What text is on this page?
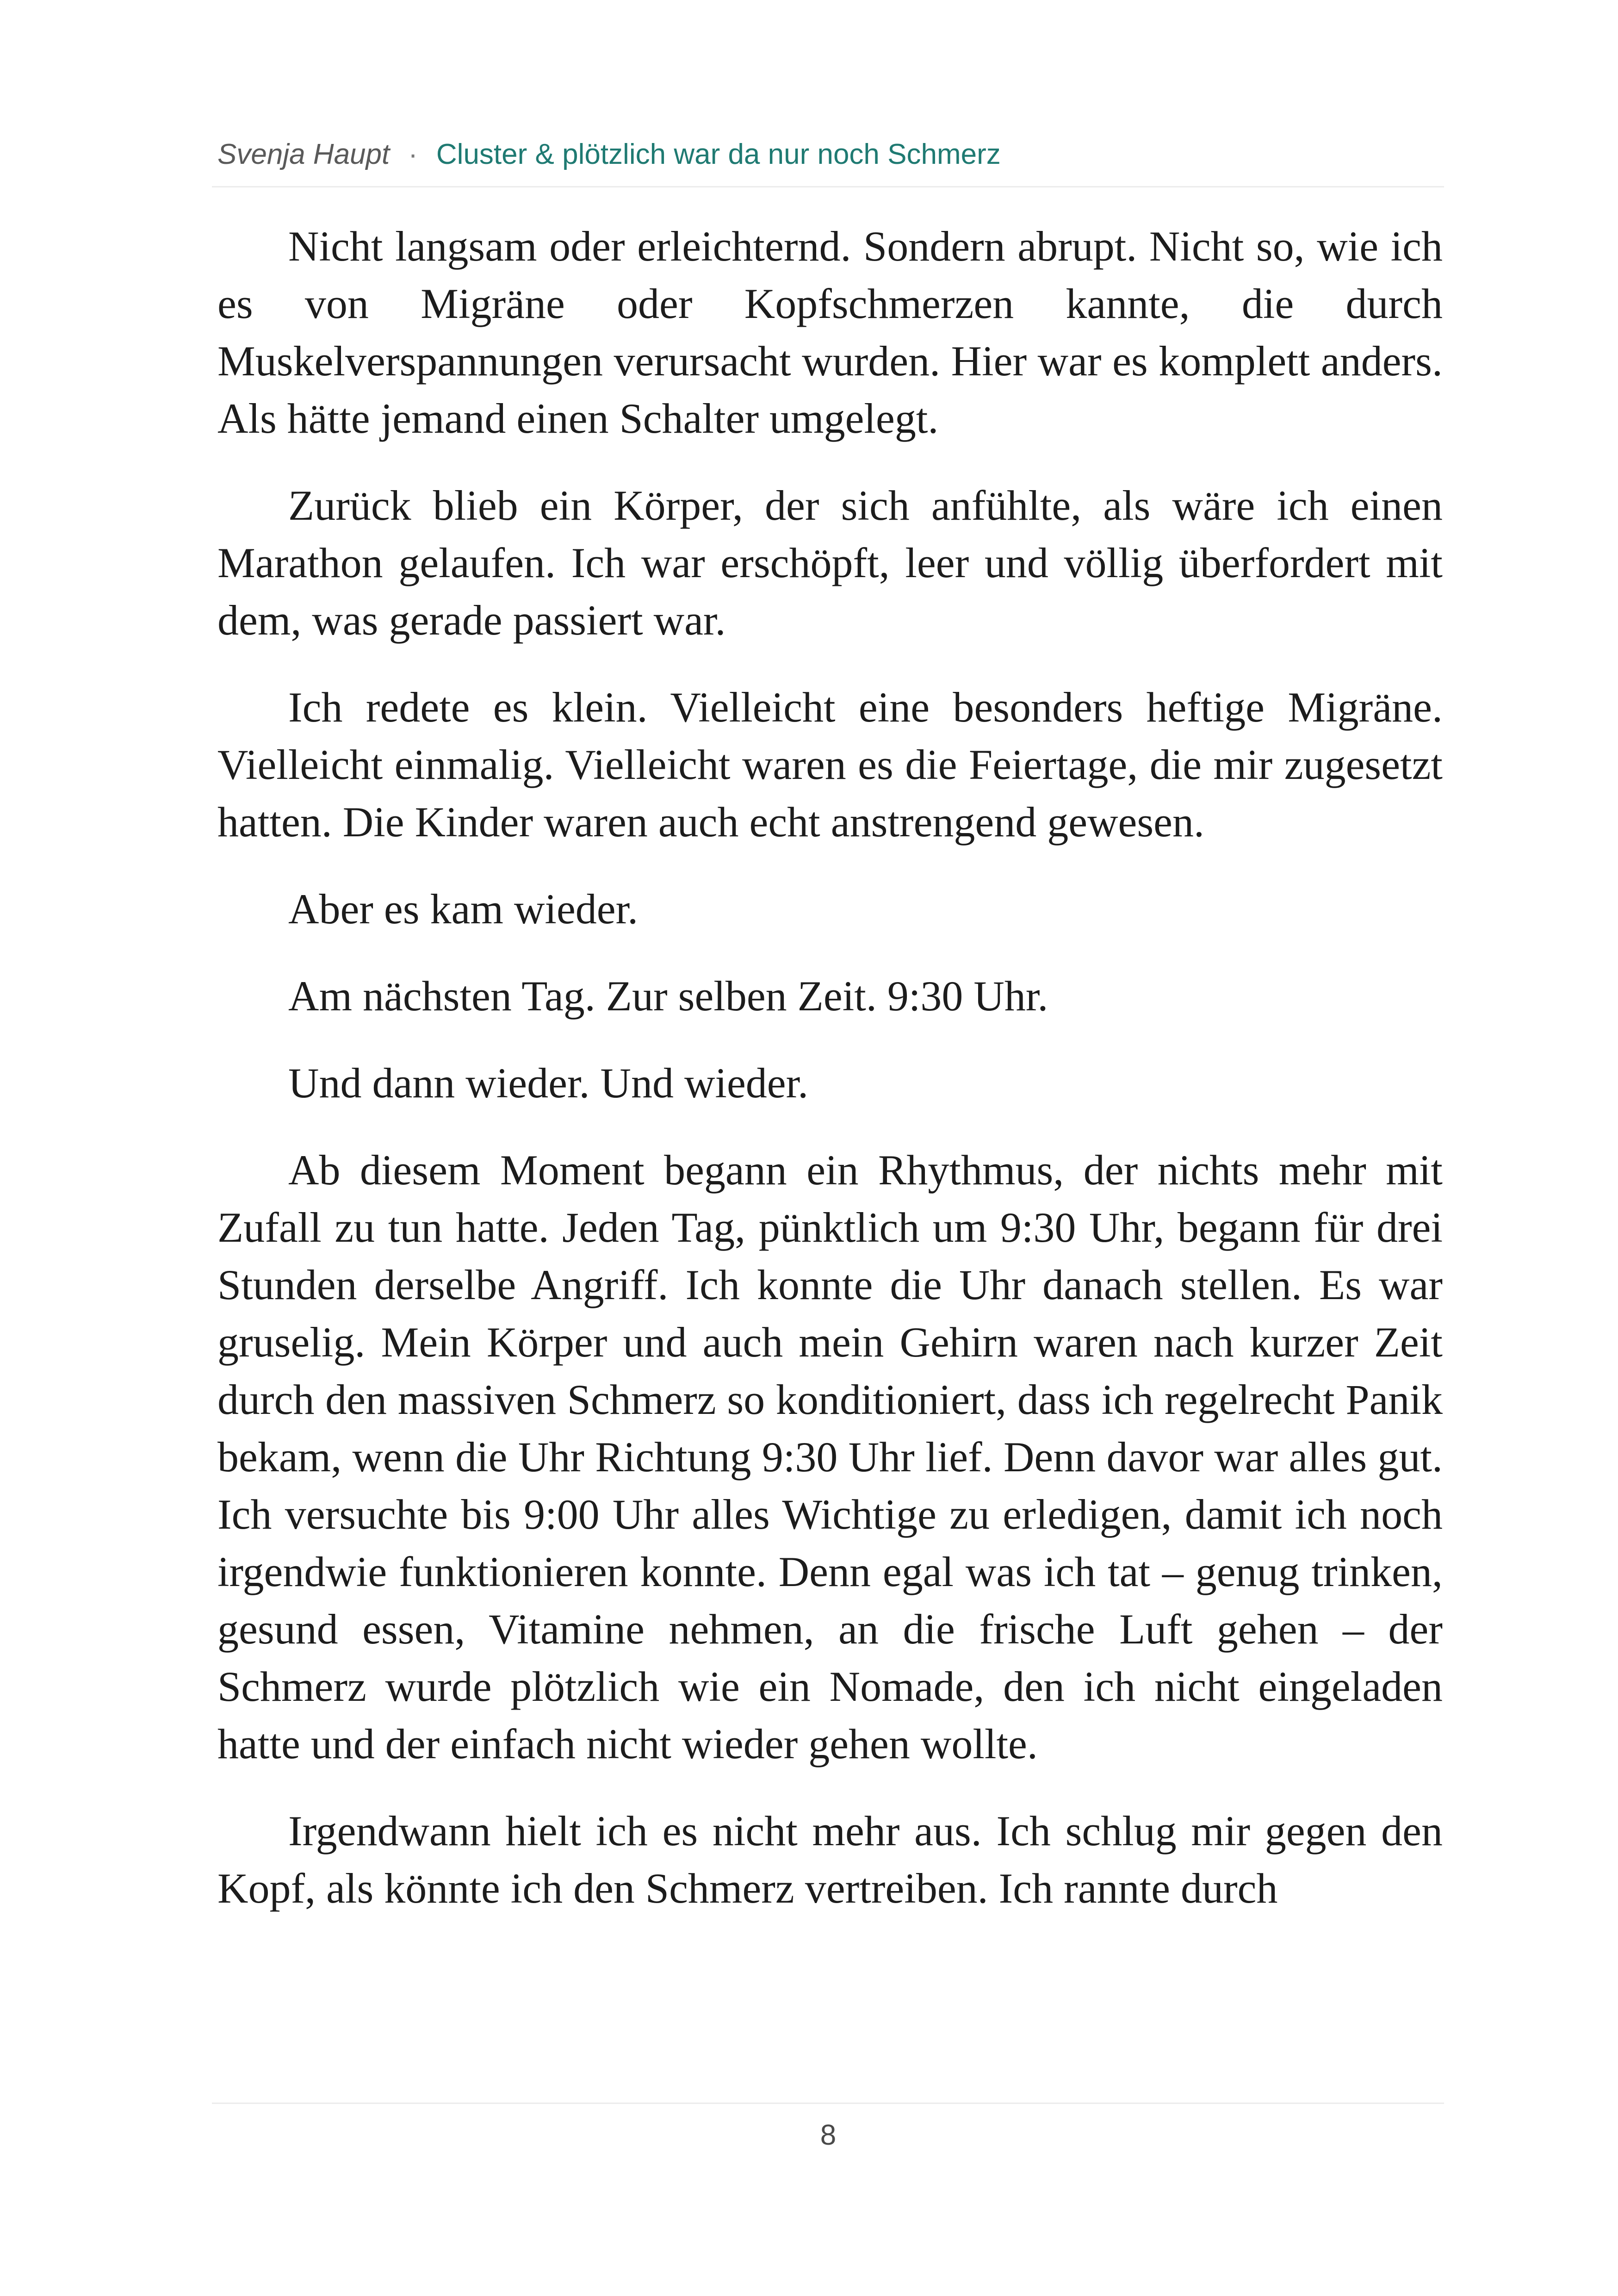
Svenja Haupt · Cluster & plötzlich war da nur noch Schmerz

Nicht langsam oder erleichternd. Sondern abrupt. Nicht so, wie ich es von Migräne oder Kopfschmerzen kannte, die durch Muskelverspannungen verursacht wurden. Hier war es komplett anders. Als hätte jemand einen Schalter umgelegt.

Zurück blieb ein Körper, der sich anfühlte, als wäre ich einen Marathon gelaufen. Ich war erschöpft, leer und völlig überfordert mit dem, was gerade passiert war.

Ich redete es klein. Vielleicht eine besonders heftige Migräne. Vielleicht einmalig. Vielleicht waren es die Feiertage, die mir zugesetzt hatten. Die Kinder waren auch echt anstrengend gewesen.

Aber es kam wieder.

Am nächsten Tag. Zur selben Zeit. 9:30 Uhr.

Und dann wieder. Und wieder.

Ab diesem Moment begann ein Rhythmus, der nichts mehr mit Zufall zu tun hatte. Jeden Tag, pünktlich um 9:30 Uhr, begann für drei Stunden derselbe Angriff. Ich konnte die Uhr danach stellen. Es war gruselig. Mein Körper und auch mein Gehirn waren nach kurzer Zeit durch den massiven Schmerz so konditioniert, dass ich regelrecht Panik bekam, wenn die Uhr Richtung 9:30 Uhr lief. Denn davor war alles gut. Ich versuchte bis 9:00 Uhr alles Wichtige zu erledigen, damit ich noch irgendwie funktionieren konnte. Denn egal was ich tat – genug trinken, gesund essen, Vitamine nehmen, an die frische Luft gehen – der Schmerz wurde plötzlich wie ein Nomade, den ich nicht eingeladen hatte und der einfach nicht wieder gehen wollte.

Irgendwann hielt ich es nicht mehr aus. Ich schlug mir gegen den Kopf, als könnte ich den Schmerz vertreiben. Ich rannte durch

8
